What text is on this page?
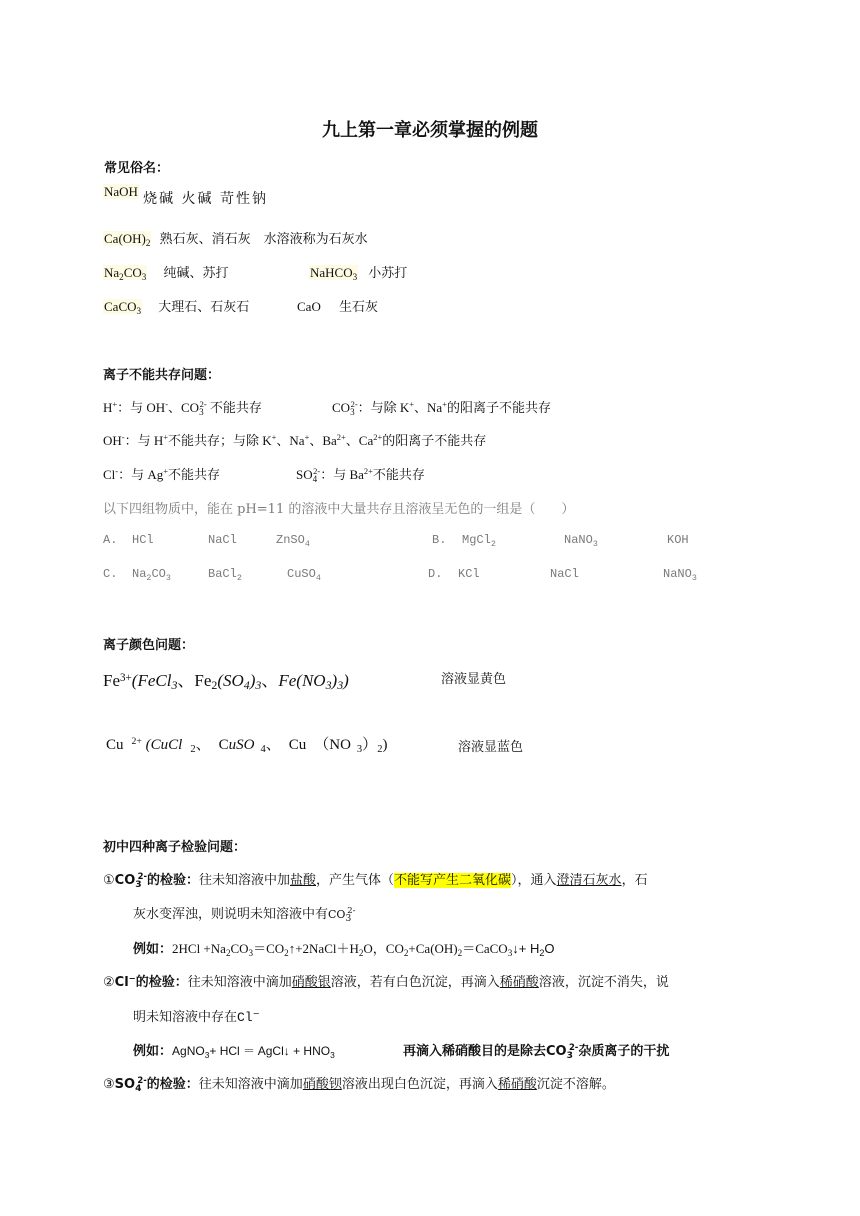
九上第一章必须掌握的例题
常见俗名：
NaOH 烧碱 火碱 苛性钠
$Ca(OH)_2$ 熟石灰、消石灰　水溶液称为石灰水
$Na_2CO_3$ 纯碱、苏打	NaHCO$_3$ 小苏打
CaCO$_3$ 大理石、石灰石	CaO 生石灰
离子不能共存问题：
H+：与 OH-、$CO_3^{2-}$ 不能共存	$CO_3^{2-}$：与除 K+、Na+的阳离子不能共存
OH-：与 H+不能共存；与除 K+、Na+、$Ba^{2+}$、$Ca^{2+}$的阳离子不能共存
Cl-：与 Ag+不能共存	$SO_4^{2-}$：与 $Ba^{2+}$不能共存
以下四组物质中，能在 pH=11 的溶液中大量共存且溶液呈无色的一组是（　　）
A. HCl	NaCl	ZnSO$_4$	B. MgCl$_2$	NaNO$_3$	KOH
C. $Na_2CO_3$	BaCl$_2$	CuSO$_4$	D. KCl	NaCl	NaNO$_3$
离子颜色问题：
$Fe^{3+}(FeCl_3$、$Fe_2(SO_4)_3$、$Fe(NO_3)_3$)	溶液显黄色
Cu $^{2+}$ (CuCl $_2$、 CuSO $_4$、 Cu （NO $_3)_2$)	溶液显蓝色
初中四种离子检验问题：
$①CO_3^{2-}$的检验：往未知溶液中加盐酸，产生气体（不能写产生二氧化碳），通入澄清石灰水，石
灰水变浑浊，则说明未知溶液中有$CO_3^{2-}$
例如：$2HCl +Na_2CO_3=CO_2↑+2NaCl+H_2O$，$CO_2+Ca(OH)_2=CaCO_3↓+ H_2O$
②Cl−的检验：往未知溶液中滴加硝酸银溶液，若有白色沉淀，再滴入稀硝酸溶液，沉淀不消失，说
明未知溶液中存在Cl−
例如：AgNO$_3$+ HCl ＝ AgCl↓ + $HNO_3$	再滴入稀硝酸目的是除去$CO_3^{2-}$杂质离子的干扰
$③SO_4^{2-}$的检验：往未知溶液中滴加硝酸钡溶液出现白色沉淀，再滴入稀硝酸沉淀不溶解。
